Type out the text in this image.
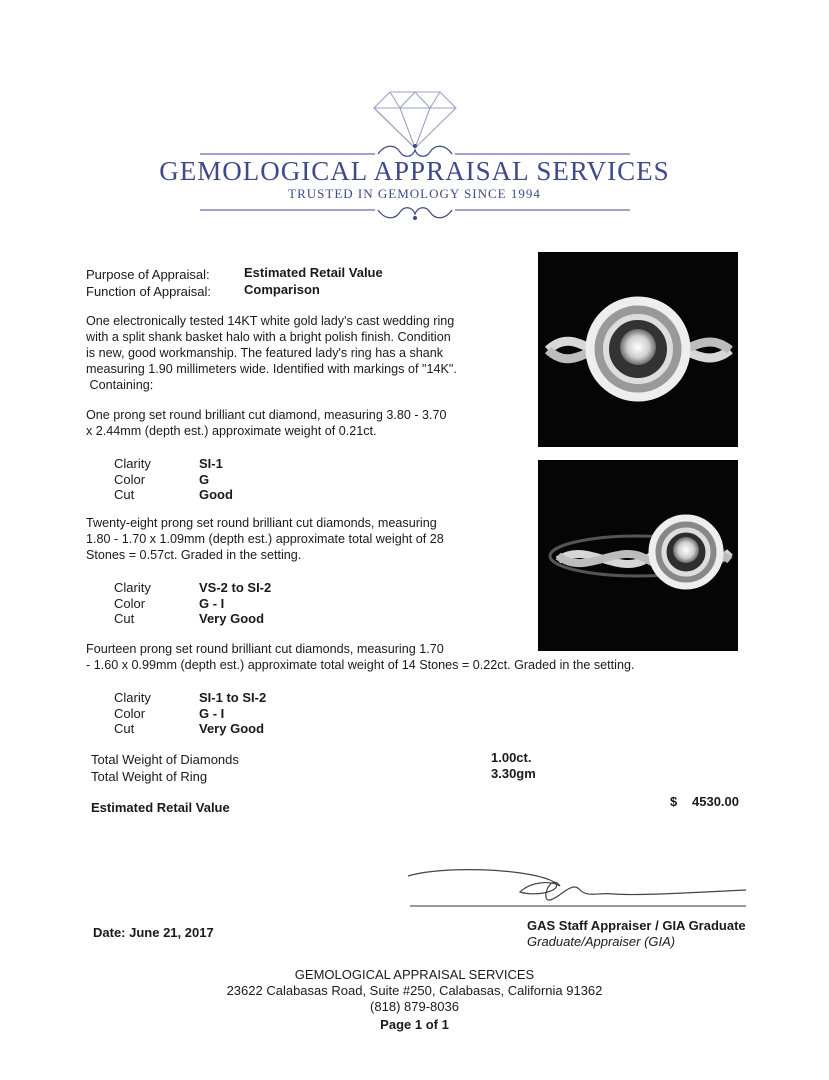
GEMOLOGICAL APPRAISAL SERVICES
TRUSTED IN GEMOLOGY SINCE 1994
Purpose of Appraisal:	Estimated Retail Value
Function of Appraisal:	Comparison
One electronically tested 14KT white gold lady's cast wedding ring
with a split shank basket halo with a bright polish finish. Condition
is new, good workmanship. The featured lady's ring has a shank
measuring 1.90 millimeters wide. Identified with markings of "14K".
Containing:
One prong set round brilliant cut diamond, measuring 3.80 - 3.70
x 2.44mm (depth est.) approximate weight of 0.21ct.
Clarity	SI-1
Color	G
Cut	Good
Twenty-eight prong set round brilliant cut diamonds, measuring
1.80 - 1.70 x 1.09mm (depth est.) approximate total weight of 28
Stones = 0.57ct. Graded in the setting.
Clarity	VS-2 to SI-2
Color	G - I
Cut	Very Good
Fourteen prong set round brilliant cut diamonds, measuring 1.70
- 1.60 x 0.99mm (depth est.) approximate total weight of 14 Stones = 0.22ct. Graded in the setting.
Clarity	SI-1 to SI-2
Color	G - I
Cut	Very Good
Total Weight of Diamonds	1.00ct.
Total Weight of Ring	3.30gm
Estimated Retail Value	$ 4530.00
Date: June 21, 2017	GAS Staff Appraiser / GIA Graduate
Graduate/Appraiser (GIA)
GEMOLOGICAL APPRAISAL SERVICES
23622 Calabasas Road, Suite #250, Calabasas, California 91362
(818) 879-8036
Page 1 of 1
